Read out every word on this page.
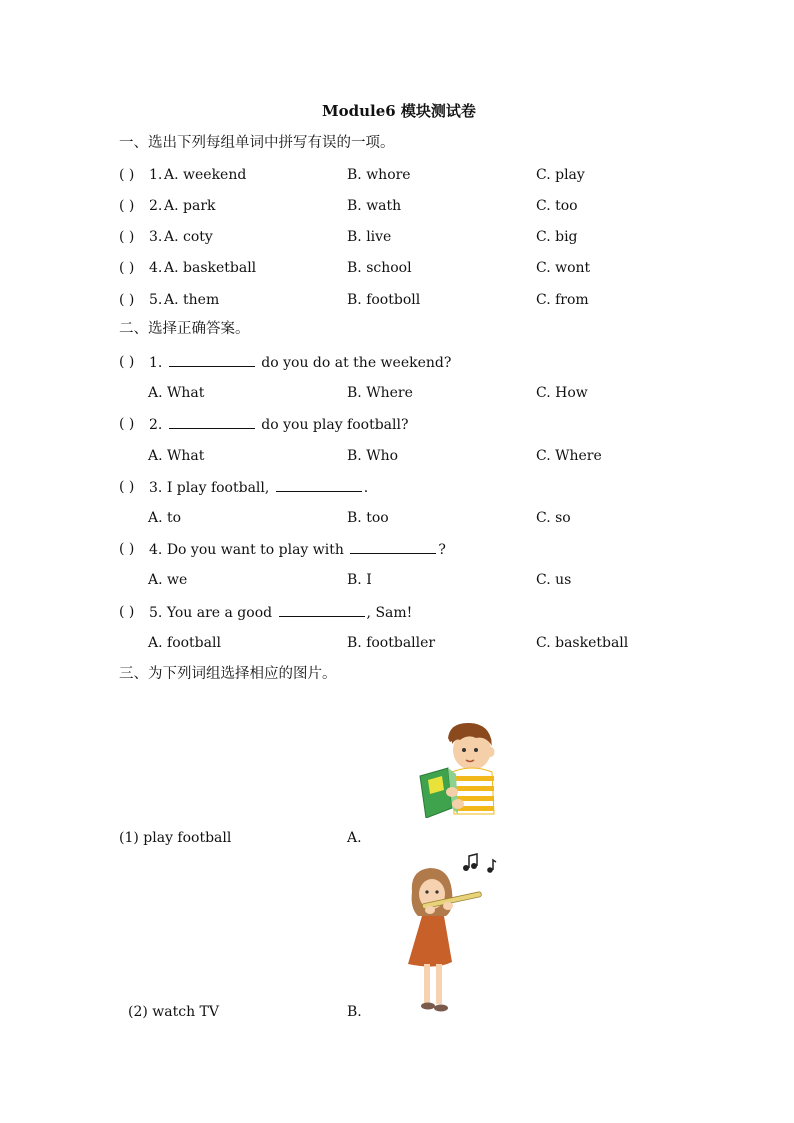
Module6 模块测试卷
一、选出下列每组单词中拼写有误的一项。
( ) 1. A. weekend	B. whore	C. play
( ) 2. A. park	B. wath	C. too
( ) 3. A. coty	B. live	C. big
( ) 4. A. basketball	B. school	C. wont
( ) 5. A. them	B. footboll	C. from
二、选择正确答案。
( ) 1.	do you do at the weekend?
A. What	B. Where	C. How
( ) 2.	do you play football?
A. What	B. Who	C. Where
( ) 3. I play football,	.
A. to	B. too	C. so
( ) 4. Do you want to play with	?
A. we	B. I	C. us
( ) 5. You are a good	, Sam!
A. football	B. footballer	C. basketball
三、为下列词组选择相应的图片。
(1) play football	A.
(2) watch TV	B.
